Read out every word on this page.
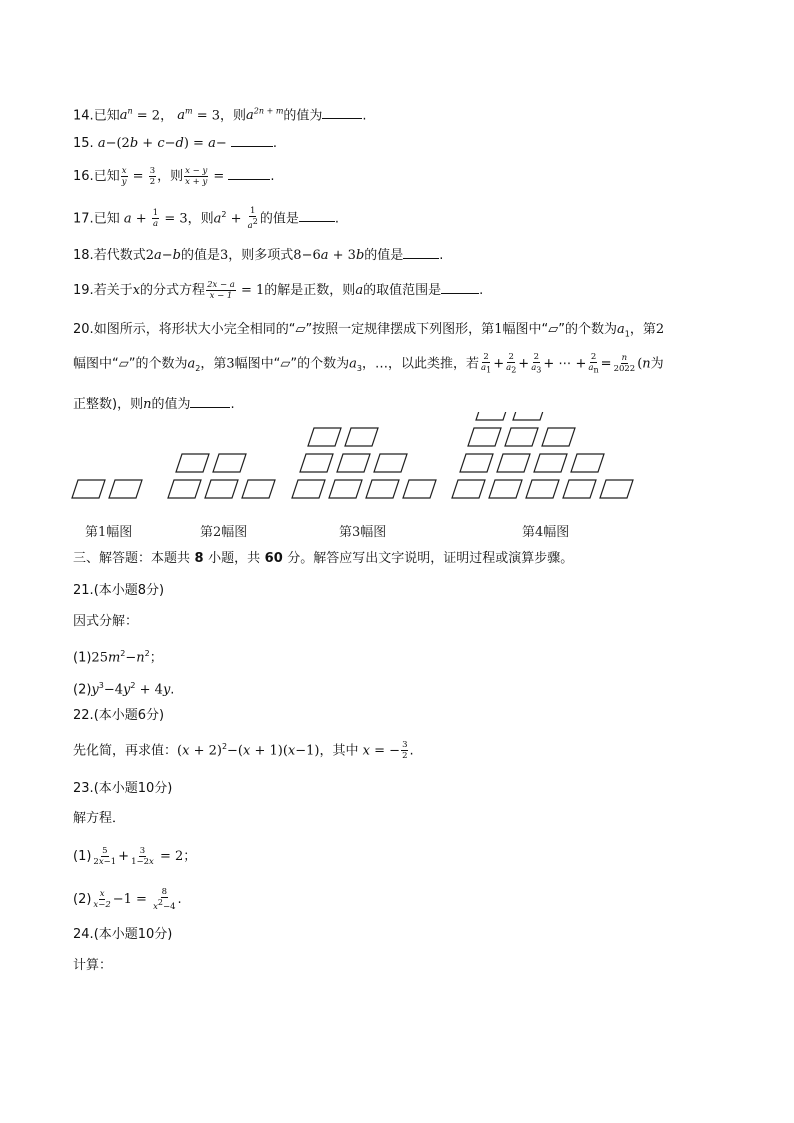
14.已知$a^n = 2$， $a^m = 3$，则$a^{2n + m}$的值为	.
15. a−(2b + c−d) = a−	.
16.已知 $\frac{x}{y} = \frac{3}{2}$ ，则 $\frac{x - y}{x + y}$ =	.
17.已知 $a + \frac{1}{a} = 3$，则$a^2 + \frac{1}{a^2}$ 的值是	.
18.若代数式2a−b的值是3，则多项式8−6a + 3b的值是	.
19.若关于x的分式方程 $\frac{2x - a}{x - 1} = 1$的解是正数，则a的取值范围是	.
20.如图所示，将形状大小完全相同的“▱”按照一定规律摆成下列图形，第1幅图中“▱”的个数为$a_1$，第2
幅图中“▱”的个数为$a_2$，第3幅图中“▱”的个数为$a_3$，…，以此类推，若 $\frac{2}{a_1} + \frac{2}{a_2} + \frac{2}{a_3}$ + ⋯ + $\frac{2}{a_n} = \frac{n}{2022} (n$为
正整数)，则n的值为	.
第1幅图	第2幅图	第3幅图	第4幅图
三、解答题：本题共 8 小题，共 60 分。解答应写出文字说明，证明过程或演算步骤。
21.(本小题8分)
因式分解：
$(1)25m^2-n^2$；
$(2)y^3-4y^2 + 4y$.
22.(本小题6分)
先化简，再求值：$(x + 2)^2-(x + 1)(x-1)$，其中 x = − $\frac{3}{2}$ .
23.(本小题10分)
解方程．
$(1) \frac{5}{2x-1} + \frac{3}{1-2x} = 2$；
$(2) \frac{x}{x-2} -1 = \frac{8}{x^2-4}$ .
24.(本小题10分)
计算：
